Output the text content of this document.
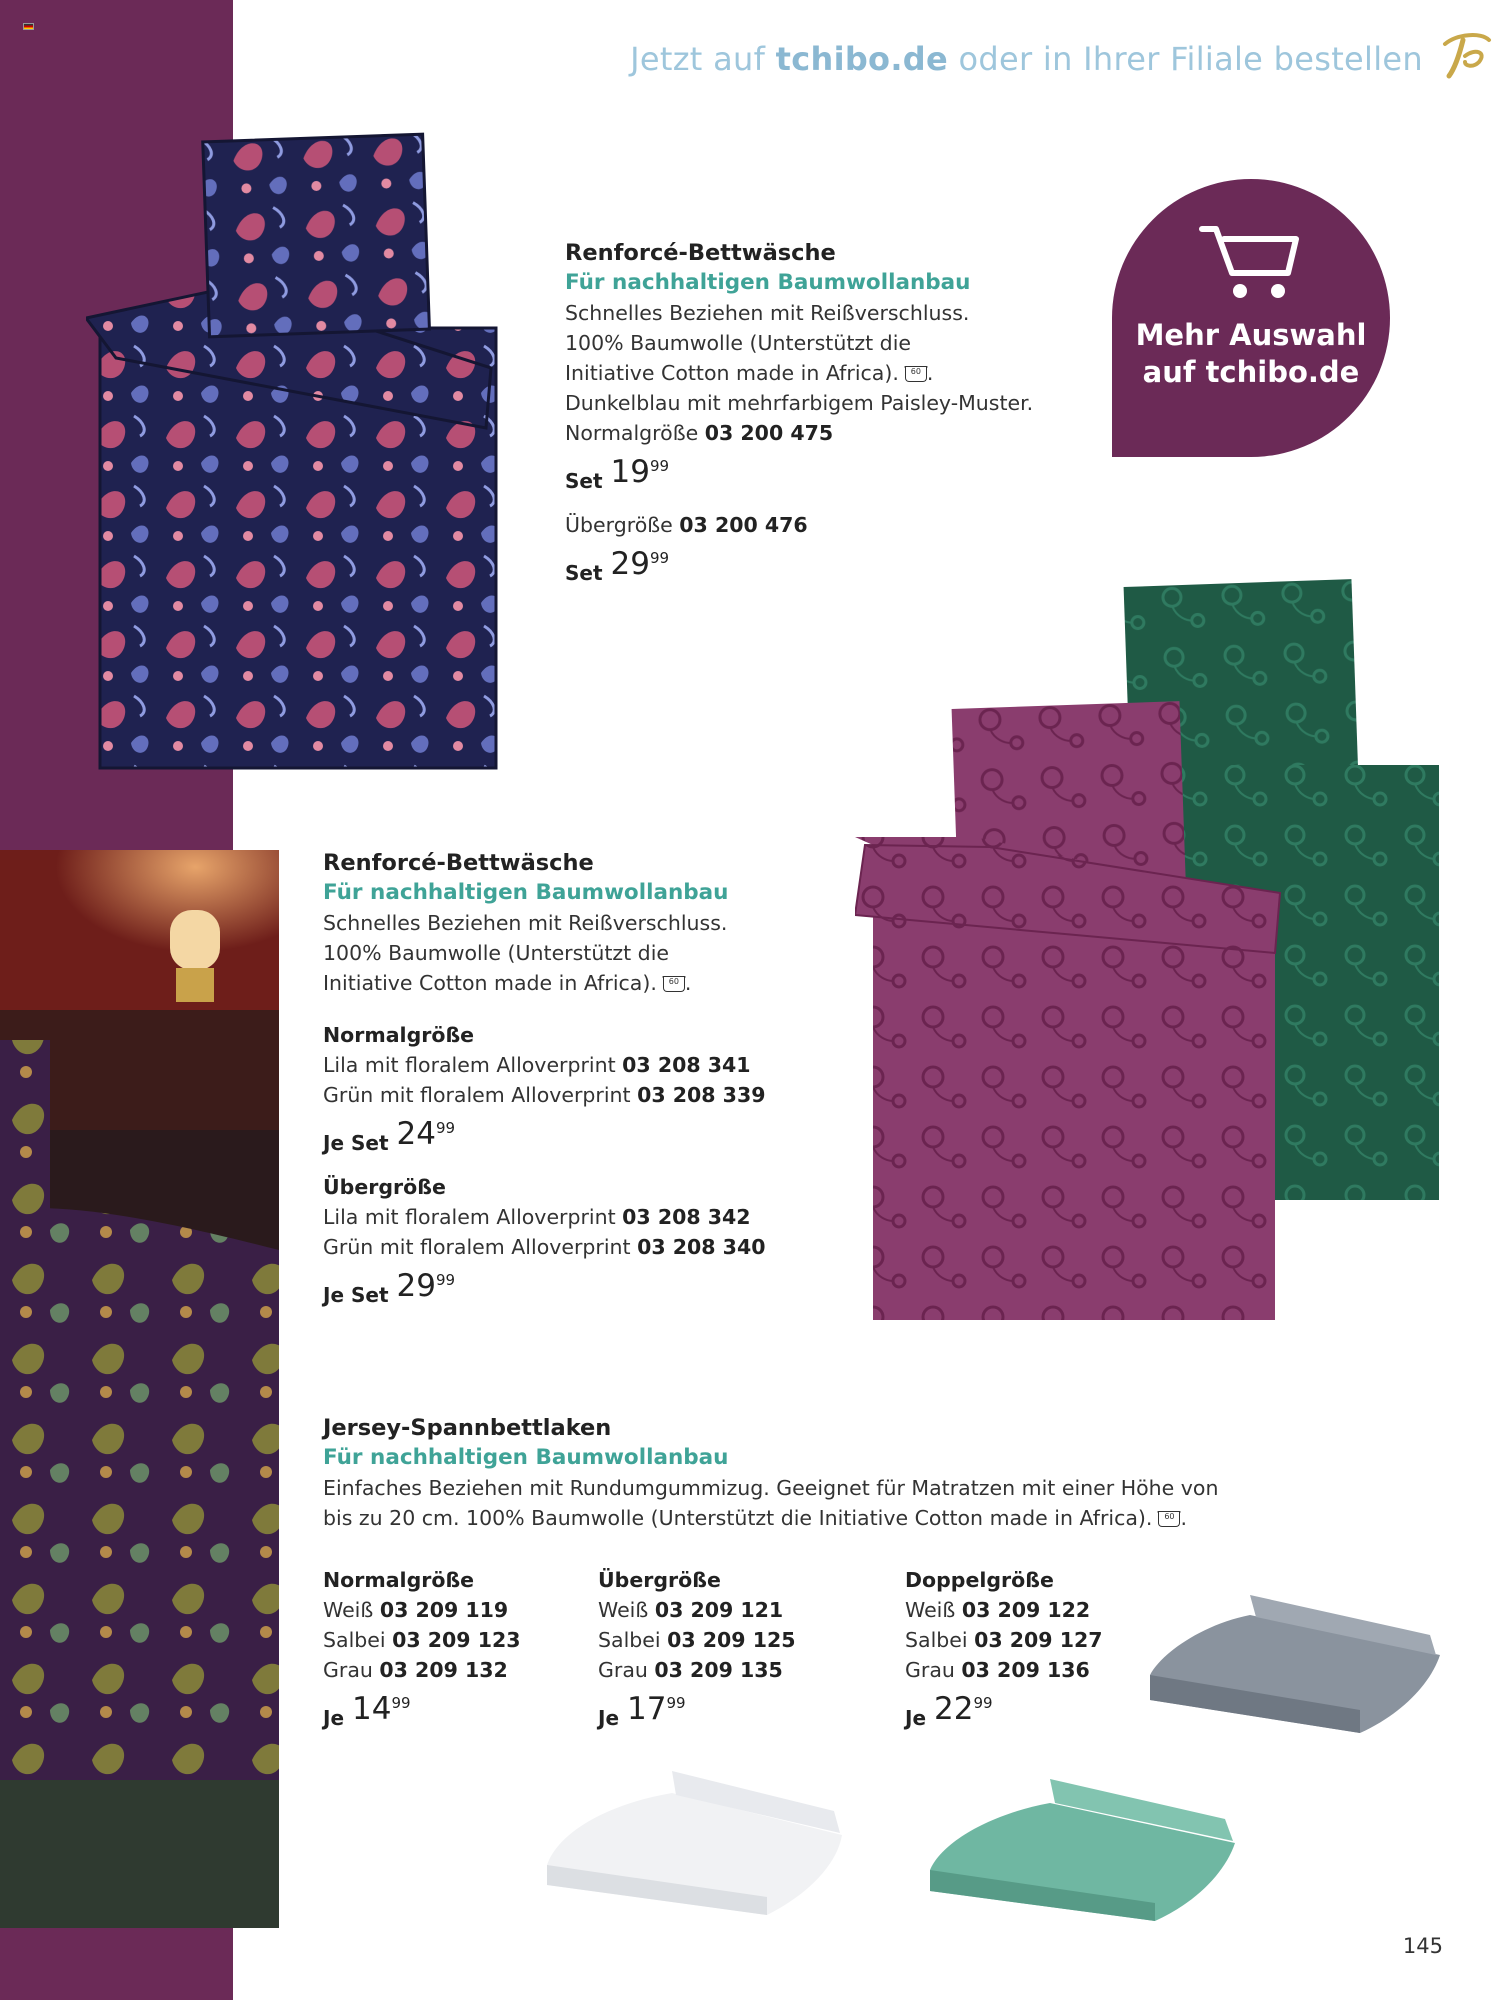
Jetzt auf tchibo.de oder in Ihrer Filiale bestellen
Mehr Auswahl
auf tchibo.de
Renforcé-Bettwäsche
Für nachhaltigen Baumwollanbau
Schnelles Beziehen mit Reißverschluss.
100% Baumwolle (Unterstützt die
Initiative Cotton made in Africa). 60 .
Dunkelblau mit mehrfarbigem Paisley-Muster.
Normalgröße 03 200 475
Set 19 99
Übergröße 03 200 476
Set 29 99
Renforcé-Bettwäsche
Für nachhaltigen Baumwollanbau
Schnelles Beziehen mit Reißverschluss.
100% Baumwolle (Unterstützt die
Initiative Cotton made in Africa). 60 .
Normalgröße
Lila mit floralem Alloverprint 03 208 341
Grün mit floralem Alloverprint 03 208 339
Je Set 24 99
Übergröße
Lila mit floralem Alloverprint 03 208 342
Grün mit floralem Alloverprint 03 208 340
Je Set 29 99
Jersey-Spannbettlaken
Für nachhaltigen Baumwollanbau
Einfaches Beziehen mit Rundumgummizug. Geeignet für Matratzen mit einer Höhe von
bis zu 20 cm. 100% Baumwolle (Unterstützt die Initiative Cotton made in Africa). 60 .
Normalgröße
Weiß 03 209 119
Salbei 03 209 123
Grau 03 209 132
Je 14 99
Übergröße
Weiß 03 209 121
Salbei 03 209 125
Grau 03 209 135
Je 17 99
Doppelgröße
Weiß 03 209 122
Salbei 03 209 127
Grau 03 209 136
Je 22 99
145
